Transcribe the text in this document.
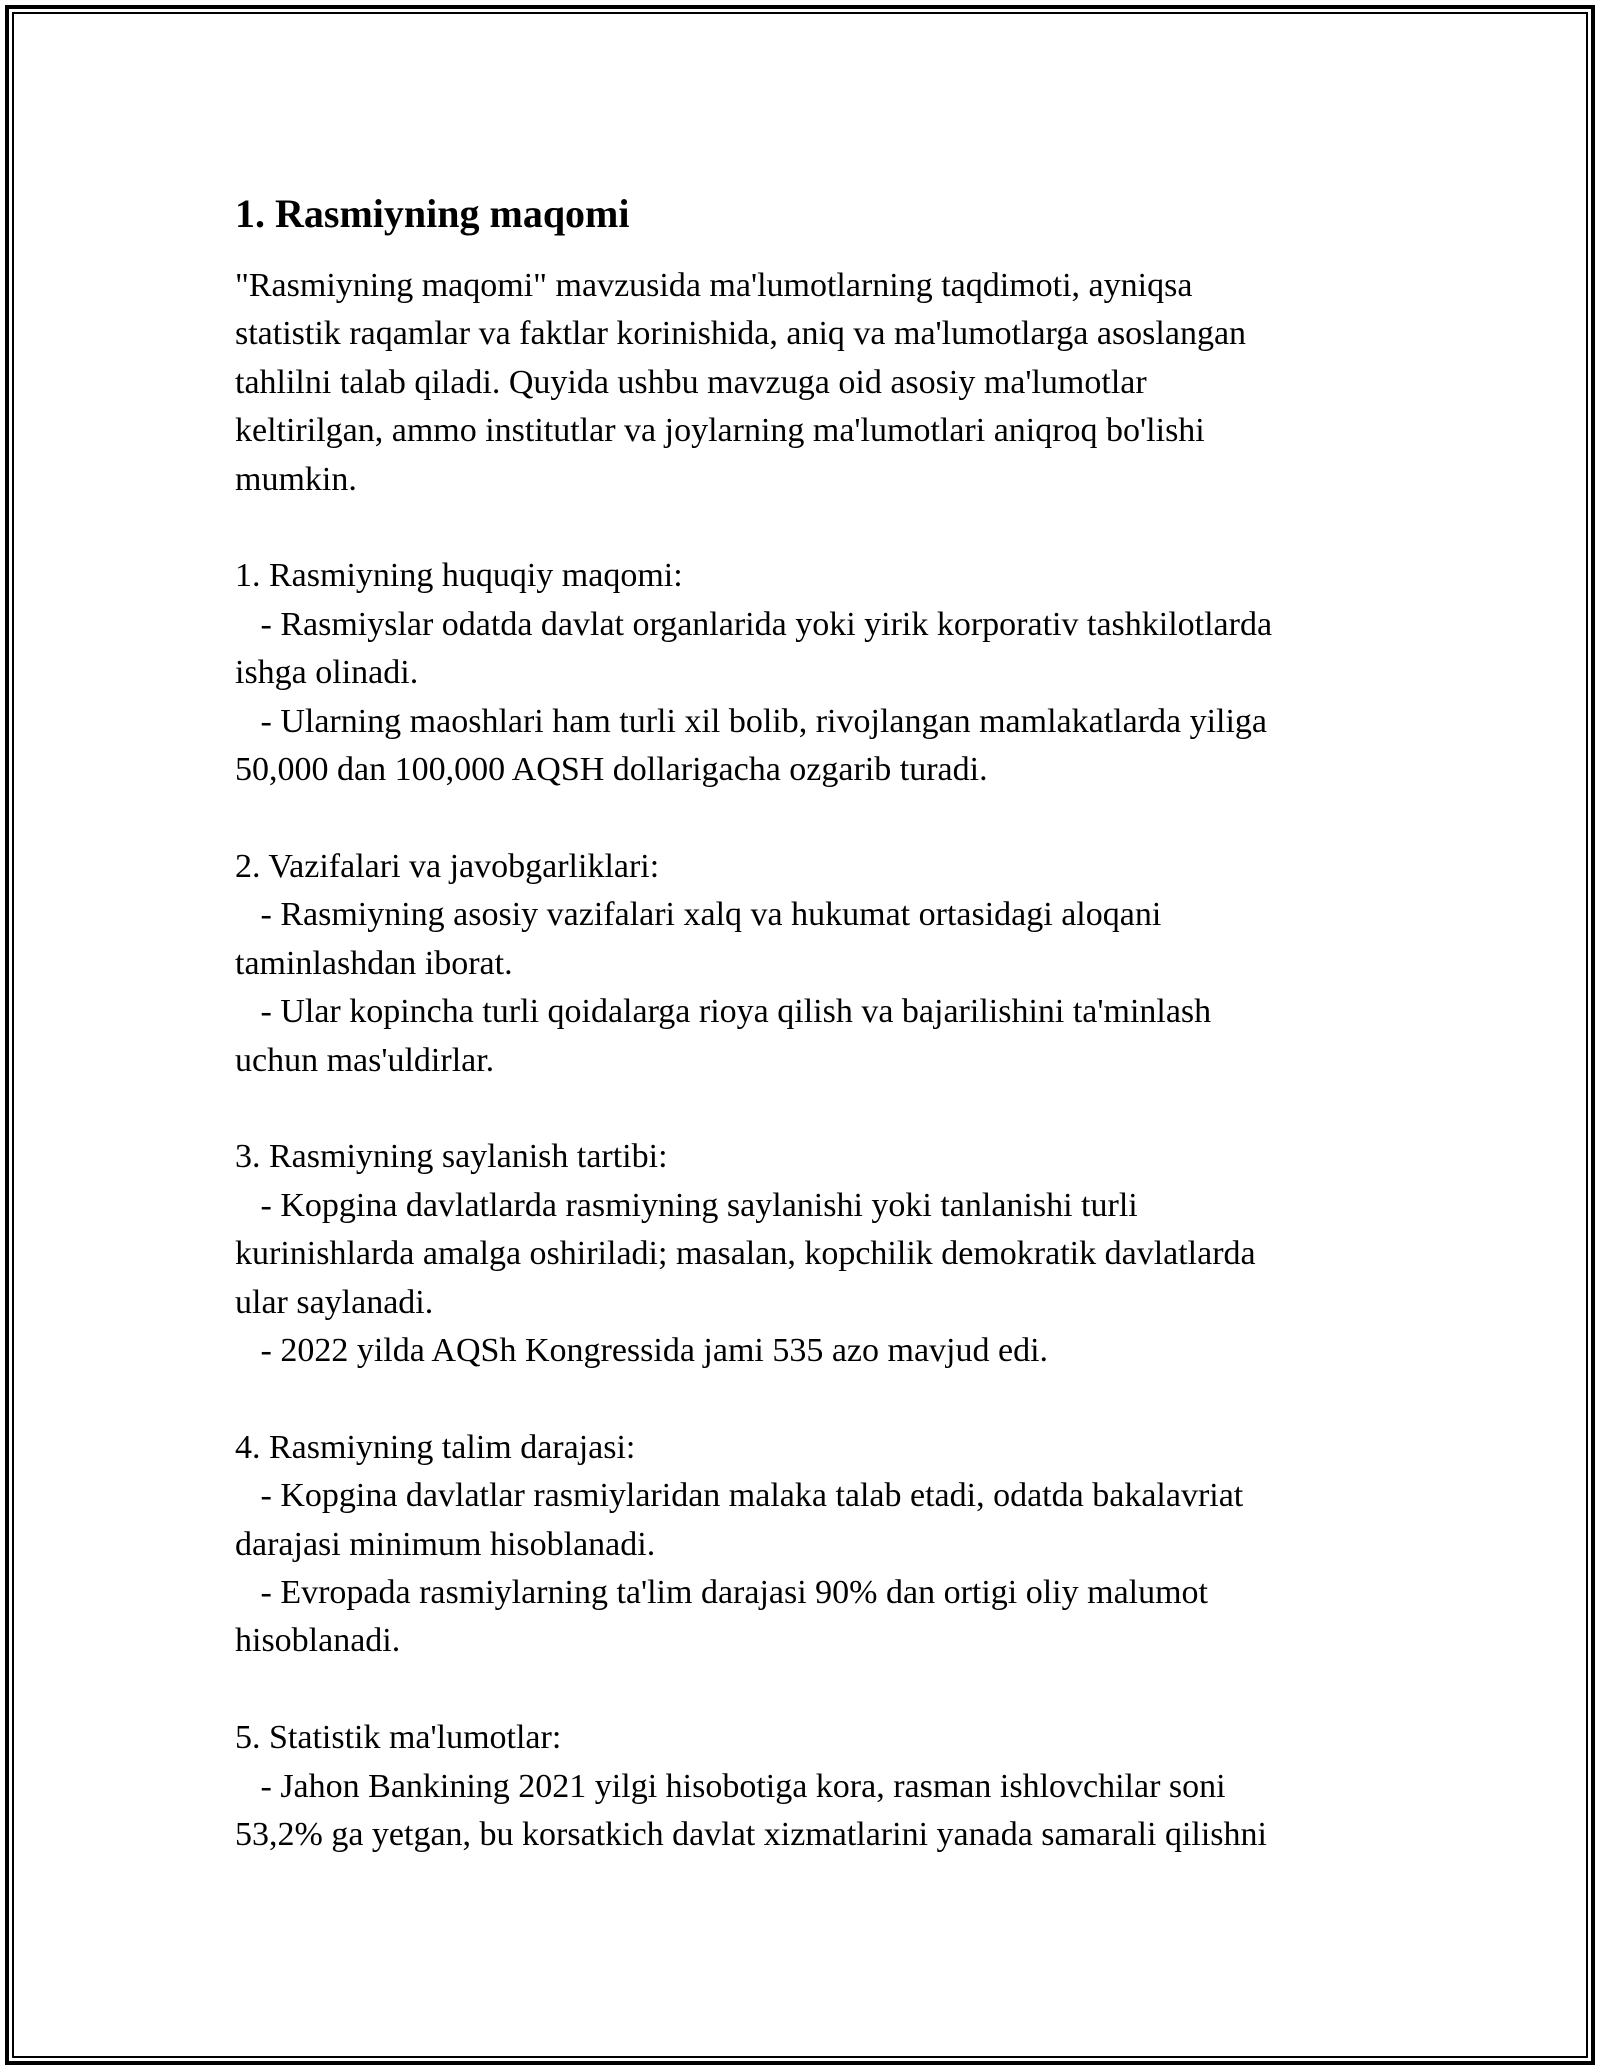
1. Rasmiyning maqomi

"Rasmiyning maqomi" mavzusida ma'lumotlarning taqdimoti, ayniqsa
statistik raqamlar va faktlar korinishida, aniq va ma'lumotlarga asoslangan
tahlilni talab qiladi. Quyida ushbu mavzuga oid asosiy ma'lumotlar
keltirilgan, ammo institutlar va joylarning ma'lumotlari aniqroq bo'lishi
mumkin.

1. Rasmiyning huquqiy maqomi:
- Rasmiyslar odatda davlat organlarida yoki yirik korporativ tashkilotlarda
ishga olinadi.
- Ularning maoshlari ham turli xil bolib, rivojlangan mamlakatlarda yiliga
50,000 dan 100,000 AQSH dollarigacha ozgarib turadi.

2. Vazifalari va javobgarliklari:
- Rasmiyning asosiy vazifalari xalq va hukumat ortasidagi aloqani
taminlashdan iborat.
- Ular kopincha turli qoidalarga rioya qilish va bajarilishini ta'minlash
uchun mas'uldirlar.

3. Rasmiyning saylanish tartibi:
- Kopgina davlatlarda rasmiyning saylanishi yoki tanlanishi turli
kurinishlarda amalga oshiriladi; masalan, kopchilik demokratik davlatlarda
ular saylanadi.
- 2022 yilda AQSh Kongressida jami 535 azo mavjud edi.

4. Rasmiyning talim darajasi:
- Kopgina davlatlar rasmiylaridan malaka talab etadi, odatda bakalavriat
darajasi minimum hisoblanadi.
- Evropada rasmiylarning ta'lim darajasi 90% dan ortigi oliy malumot
hisoblanadi.

5. Statistik ma'lumotlar:
- Jahon Bankining 2021 yilgi hisobotiga kora, rasman ishlovchilar soni
53,2% ga yetgan, bu korsatkich davlat xizmatlarini yanada samarali qilishni
